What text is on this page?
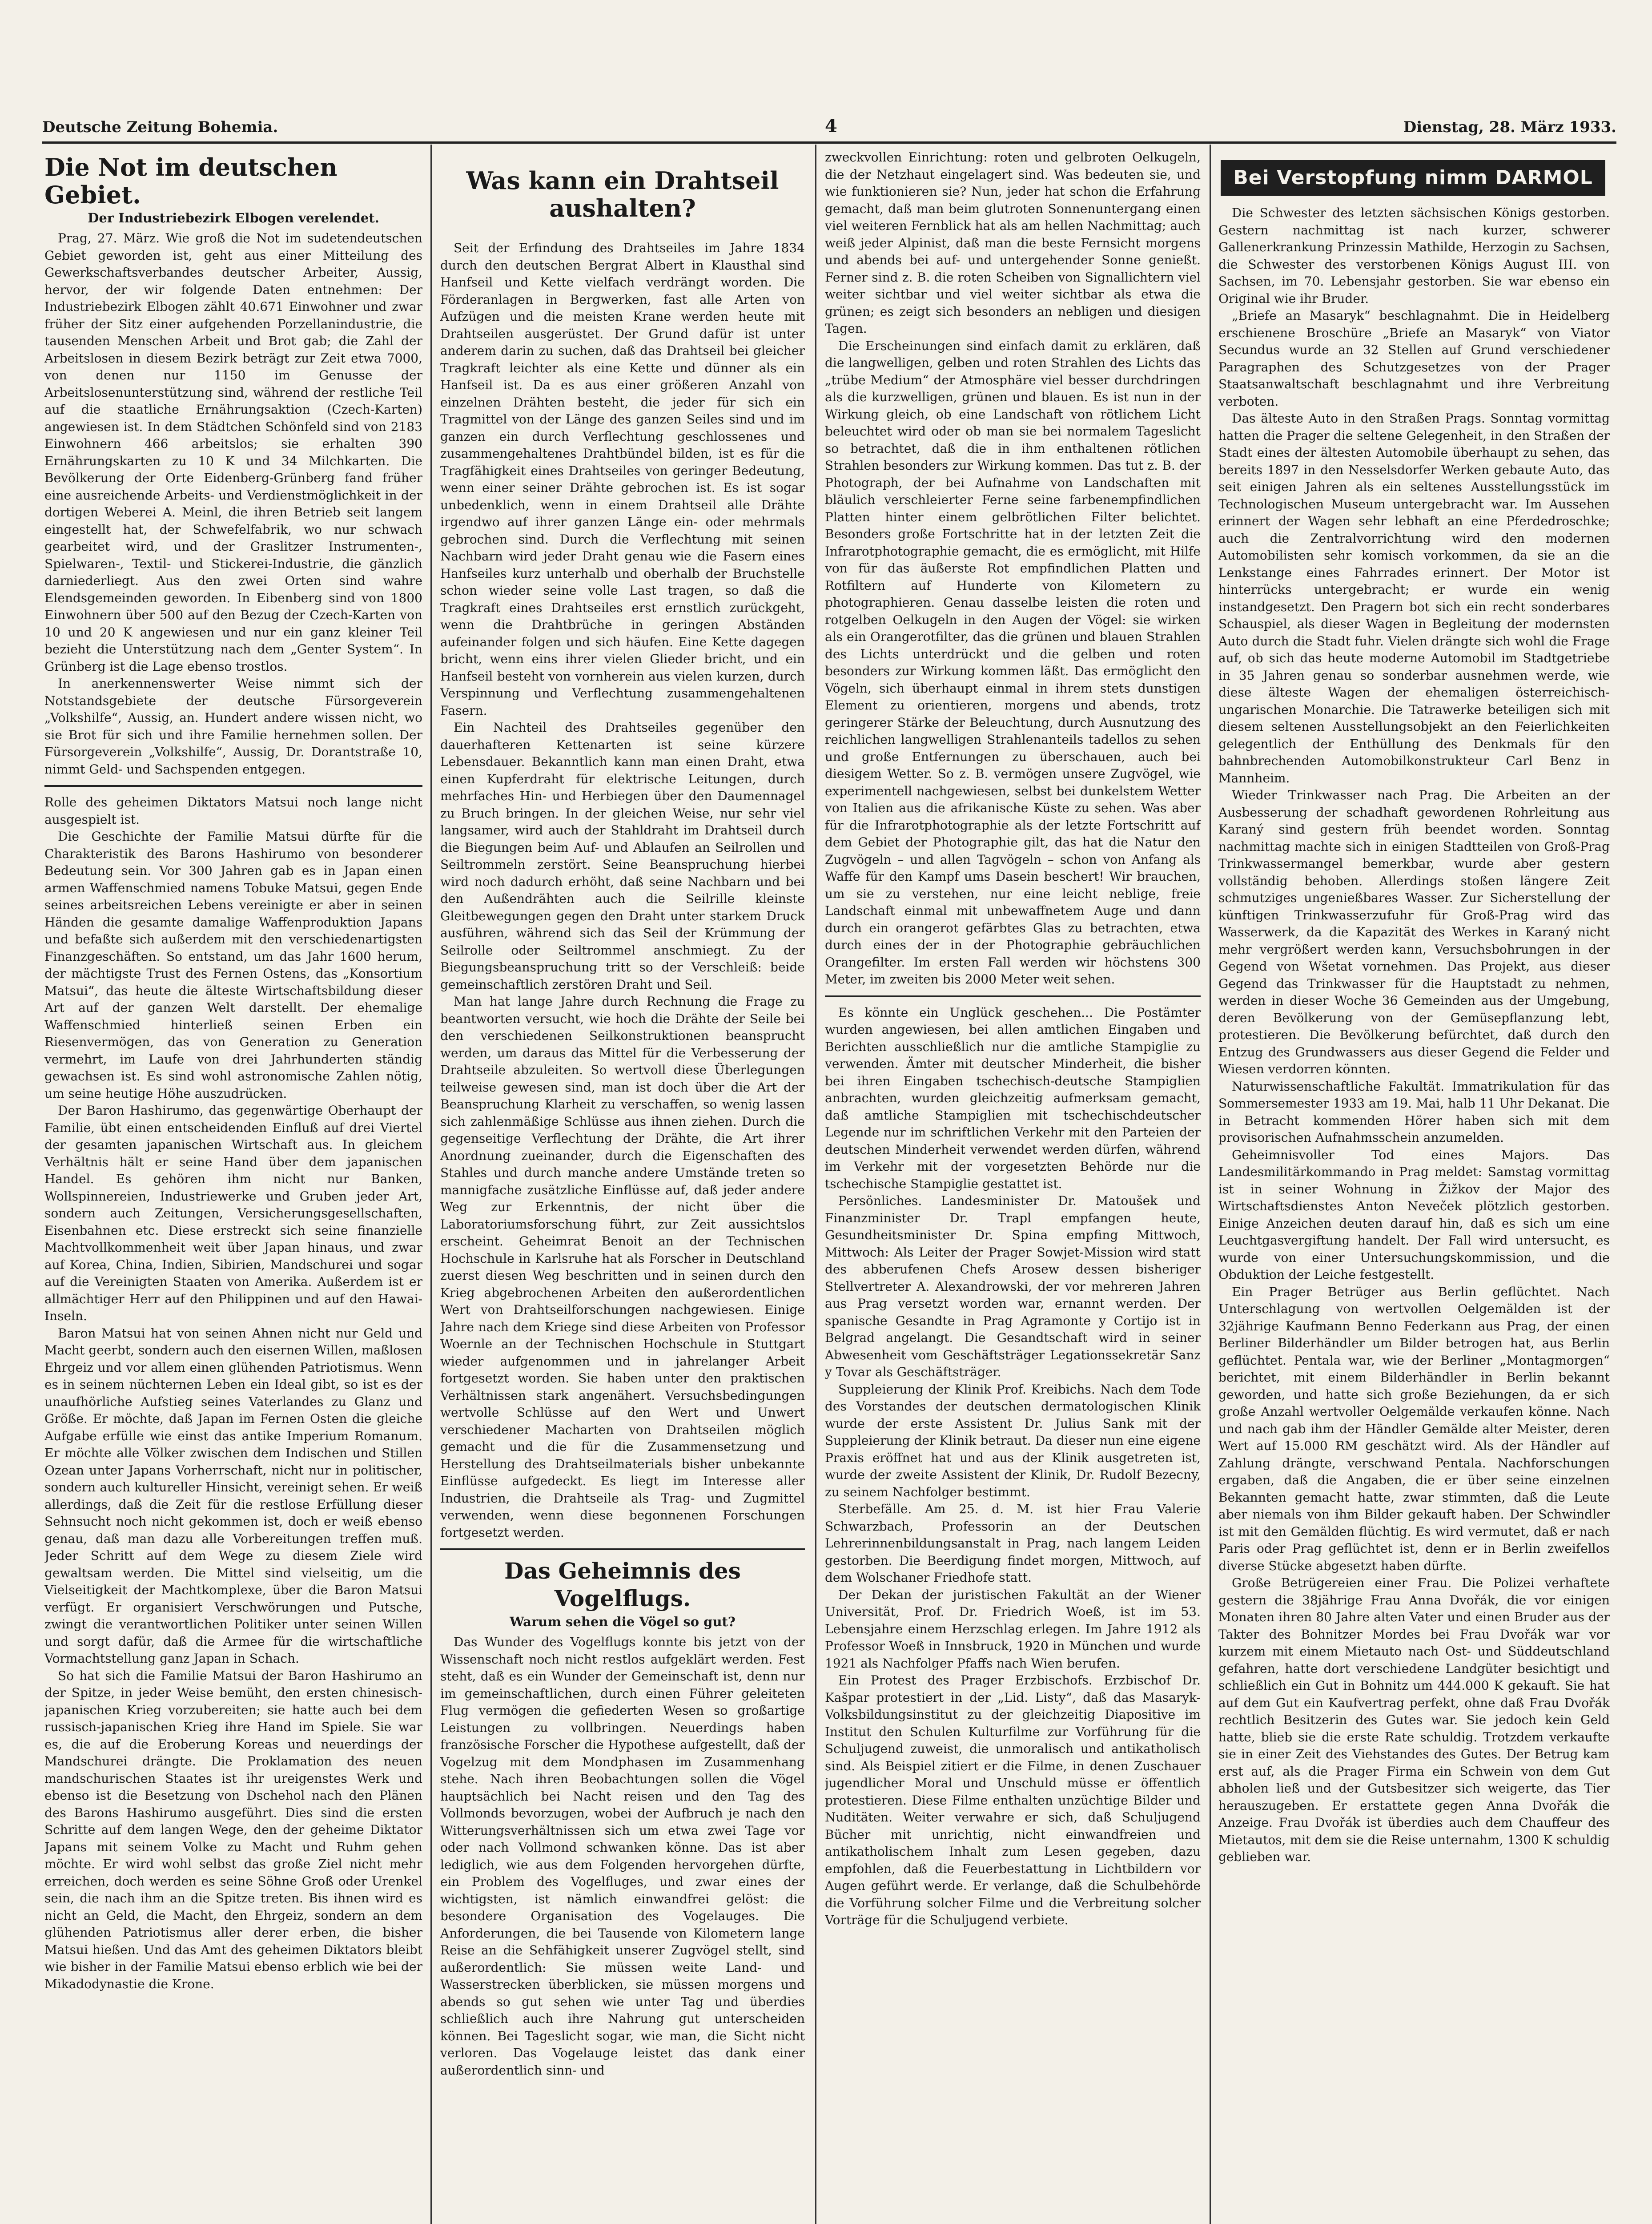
Deutsche Zeitung Bohemia.	4	Dienstag, 28. März 1933.
Die Not im deutschen Gebiet.
Der Industriebezirk Elbogen verelendet.

Prag, 27. März. Wie groß die Not im sudetendeutschen Gebiet geworden ist, geht aus einer Mitteilung des Gewerkschaftsverbandes deutscher Arbeiter, Aussig, hervor, der wir folgende Daten entnehmen: Der Industriebezirk Elbogen zählt 40.671 Einwohner und zwar früher der Sitz einer aufgehenden Porzellanindustrie, die tausenden Menschen Arbeit und Brot gab; die Zahl der Arbeitslosen in diesem Bezirk beträgt zur Zeit etwa 7000, von denen nur 1150 im Genusse der Arbeitslosenunterstützung sind, während der restliche Teil auf die staatliche Ernährungsaktion (Czech-Karten) angewiesen ist. In dem Städtchen Schönfeld sind von 2183 Einwohnern 466 arbeitslos; sie erhalten 390 Ernährungskarten zu 10 K und 34 Milchkarten. Die Bevölkerung der Orte Eidenberg-Grünberg fand früher eine ausreichende Arbeits- und Verdienstmöglichkeit in der dortigen Weberei A. Meinl, die ihren Betrieb seit langem eingestellt hat, der Schwefelfabrik, wo nur schwach gearbeitet wird, und der Graslitzer Instrumenten-, Spielwaren-, Textil- und Stickerei-Industrie, die gänzlich darniederliegt. Aus den zwei Orten sind wahre Elendsgemeinden geworden. In Eibenberg sind von 1800 Einwohnern über 500 auf den Bezug der Czech-Karten von 10 und 20 K angewiesen und nur ein ganz kleiner Teil bezieht die Unterstützung nach dem „Genter System“. In Grünberg ist die Lage ebenso trostlos.

In anerkennenswerter Weise nimmt sich der Notstandsgebiete der deutsche Fürsorgeverein „Volkshilfe“, Aussig, an. Hundert andere wissen nicht, wo sie Brot für sich und ihre Familie hernehmen sollen. Der Fürsorgeverein „Volkshilfe“, Aussig, Dr. Dorantstraße 10, nimmt Geld- und Sachspenden entgegen.

Rolle des geheimen Diktators Matsui noch lange nicht ausgespielt ist.

Die Geschichte der Familie Matsui dürfte für die Charakteristik des Barons Hashirumo von besonderer Bedeutung sein. Vor 300 Jahren gab es in Japan einen armen Waffenschmied namens Tobuke Matsui, gegen Ende seines arbeitsreichen Lebens vereinigte er aber in seinen Händen die gesamte damalige Waffenproduktion Japans und befaßte sich außerdem mit den verschiedenartigsten Finanzgeschäften. So entstand, um das Jahr 1600 herum, der mächtigste Trust des Fernen Ostens, das „Konsortium Matsui“, das heute die älteste Wirtschaftsbildung dieser Art auf der ganzen Welt darstellt. Der ehemalige Waffenschmied hinterließ seinen Erben ein Riesenvermögen, das von Generation zu Generation vermehrt, im Laufe von drei Jahrhunderten ständig gewachsen ist. Es sind wohl astronomische Zahlen nötig, um seine heutige Höhe auszudrücken.

Der Baron Hashirumo, das gegenwärtige Oberhaupt der Familie, übt einen entscheidenden Einfluß auf drei Viertel der gesamten japanischen Wirtschaft aus. In gleichem Verhältnis hält er seine Hand über dem japanischen Handel. Es gehören ihm nicht nur Banken, Wollspinnereien, Industriewerke und Gruben jeder Art, sondern auch Zeitungen, Versicherungsgesellschaften, Eisenbahnen etc. Diese erstreckt sich seine finanzielle Machtvollkommenheit weit über Japan hinaus, und zwar auf Korea, China, Indien, Sibirien, Mandschurei und sogar auf die Vereinigten Staaten von Amerika. Außerdem ist er allmächtiger Herr auf den Philippinen und auf den Hawai-Inseln.

Baron Matsui hat von seinen Ahnen nicht nur Geld und Macht geerbt, sondern auch den eisernen Willen, maßlosen Ehrgeiz und vor allem einen glühenden Patriotismus. Wenn es in seinem nüchternen Leben ein Ideal gibt, so ist es der unaufhörliche Aufstieg seines Vaterlandes zu Glanz und Größe. Er möchte, daß Japan im Fernen Osten die gleiche Aufgabe erfülle wie einst das antike Imperium Romanum. Er möchte alle Völker zwischen dem Indischen und Stillen Ozean unter Japans Vorherrschaft, nicht nur in politischer, sondern auch kultureller Hinsicht, vereinigt sehen. Er weiß allerdings, daß die Zeit für die restlose Erfüllung dieser Sehnsucht noch nicht gekommen ist, doch er weiß ebenso genau, daß man dazu alle Vorbereitungen treffen muß. Jeder Schritt auf dem Wege zu diesem Ziele wird gewaltsam werden. Die Mittel sind vielseitig, um die Vielseitigkeit der Machtkomplexe, über die Baron Matsui verfügt. Er organisiert Verschwörungen und Putsche, zwingt die verantwortlichen Politiker unter seinen Willen und sorgt dafür, daß die Armee für die wirtschaftliche Vormachtstellung ganz Japan in Schach.

So hat sich die Familie Matsui der Baron Hashirumo an der Spitze, in jeder Weise bemüht, den ersten chinesisch-japanischen Krieg vorzubereiten; sie hatte auch bei dem russisch-japanischen Krieg ihre Hand im Spiele. Sie war es, die auf die Eroberung Koreas und neuerdings der Mandschurei drängte. Die Proklamation des neuen mandschurischen Staates ist ihr ureigenstes Werk und ebenso ist die Besetzung von Dschehol nach den Plänen des Barons Hashirumo ausgeführt. Dies sind die ersten Schritte auf dem langen Wege, den der geheime Diktator Japans mit seinem Volke zu Macht und Ruhm gehen möchte. Er wird wohl selbst das große Ziel nicht mehr erreichen, doch werden es seine Söhne Groß oder Urenkel sein, die nach ihm an die Spitze treten. Bis ihnen wird es nicht an Geld, die Macht, den Ehrgeiz, sondern an dem glühenden Patriotismus aller derer erben, die bisher Matsui hießen. Und das Amt des geheimen Diktators bleibt wie bisher in der Familie Matsui ebenso erblich wie bei der Mikadodynastie die Krone.

Was kann ein Drahtseil aushalten?

Seit der Erfindung des Drahtseiles im Jahre 1834 durch den deutschen Bergrat Albert in Klausthal sind Hanfseil und Kette vielfach verdrängt worden. Die Förderanlagen in Bergwerken, fast alle Arten von Aufzügen und die meisten Krane werden heute mit Drahtseilen ausgerüstet. Der Grund dafür ist unter anderem darin zu suchen, daß das Drahtseil bei gleicher Tragkraft leichter als eine Kette und dünner als ein Hanfseil ist. Da es aus einer größeren Anzahl von einzelnen Drähten besteht, die jeder für sich ein Tragmittel von der Länge des ganzen Seiles sind und im ganzen ein durch Verflechtung geschlossenes und zusammengehaltenes Drahtbündel bilden, ist es für die Tragfähigkeit eines Drahtseiles von geringer Bedeutung, wenn einer seiner Drähte gebrochen ist. Es ist sogar unbedenklich, wenn in einem Drahtseil alle Drähte irgendwo auf ihrer ganzen Länge ein- oder mehrmals gebrochen sind. Durch die Verflechtung mit seinen Nachbarn wird jeder Draht genau wie die Fasern eines Hanfseiles kurz unterhalb und oberhalb der Bruchstelle schon wieder seine volle Last tragen, so daß die Tragkraft eines Drahtseiles erst ernstlich zurückgeht, wenn die Drahtbrüche in geringen Abständen aufeinander folgen und sich häufen. Eine Kette dagegen bricht, wenn eins ihrer vielen Glieder bricht, und ein Hanfseil besteht von vornherein aus vielen kurzen, durch Verspinnung und Verflechtung zusammengehaltenen Fasern.

Ein Nachteil des Drahtseiles gegenüber den dauerhafteren Kettenarten ist seine kürzere Lebensdauer. Bekanntlich kann man einen Draht, etwa einen Kupferdraht für elektrische Leitungen, durch mehrfaches Hin- und Herbiegen über den Daumennagel zu Bruch bringen. In der gleichen Weise, nur sehr viel langsamer, wird auch der Stahldraht im Drahtseil durch die Biegungen beim Auf- und Ablaufen an Seilrollen und Seiltrommeln zerstört. Seine Beanspruchung hierbei wird noch dadurch erhöht, daß seine Nachbarn und bei den Außendrähten auch die Seilrille kleinste Gleitbewegungen gegen den Draht unter starkem Druck ausführen, während sich das Seil der Krümmung der Seilrolle oder Seiltrommel anschmiegt. Zu der Biegungsbeanspruchung tritt so der Verschleiß: beide gemeinschaftlich zerstören Draht und Seil.

Man hat lange Jahre durch Rechnung die Frage zu beantworten versucht, wie hoch die Drähte der Seile bei den verschiedenen Seilkonstruktionen beansprucht werden, um daraus das Mittel für die Verbesserung der Drahtseile abzuleiten. So wertvoll diese Überlegungen teilweise gewesen sind, man ist doch über die Art der Beanspruchung Klarheit zu verschaffen, so wenig lassen sich zahlenmäßige Schlüsse aus ihnen ziehen. Durch die gegenseitige Verflechtung der Drähte, die Art ihrer Anordnung zueinander, durch die Eigenschaften des Stahles und durch manche andere Umstände treten so mannigfache zusätzliche Einflüsse auf, daß jeder andere Weg zur Erkenntnis, der nicht über die Laboratoriumsforschung führt, zur Zeit aussichtslos erscheint. Geheimrat Benoit an der Technischen Hochschule in Karlsruhe hat als Forscher in Deutschland zuerst diesen Weg beschritten und in seinen durch den Krieg abgebrochenen Arbeiten den außerordentlichen Wert von Drahtseilforschungen nachgewiesen. Einige Jahre nach dem Kriege sind diese Arbeiten von Professor Woernle an der Technischen Hochschule in Stuttgart wieder aufgenommen und in jahrelanger Arbeit fortgesetzt worden. Sie haben unter den praktischen Verhältnissen stark angenähert. Versuchsbedingungen wertvolle Schlüsse auf den Wert und Unwert verschiedener Macharten von Drahtseilen möglich gemacht und die für die Zusammensetzung und Herstellung des Drahtseilmaterials bisher unbekannte Einflüsse aufgedeckt. Es liegt im Interesse aller Industrien, die Drahtseile als Trag- und Zugmittel verwenden, wenn diese begonnenen Forschungen fortgesetzt werden.

Das Geheimnis des Vogelflugs.
Warum sehen die Vögel so gut?

Das Wunder des Vogelflugs konnte bis jetzt von der Wissenschaft noch nicht restlos aufgeklärt werden. Fest steht, daß es ein Wunder der Gemeinschaft ist, denn nur im gemeinschaftlichen, durch einen Führer geleiteten Flug vermögen die gefiederten Wesen so großartige Leistungen zu vollbringen. Neuerdings haben französische Forscher die Hypothese aufgestellt, daß der Vogelzug mit dem Mondphasen im Zusammenhang stehe. Nach ihren Beobachtungen sollen die Vögel hauptsächlich bei Nacht reisen und den Tag des Vollmonds bevorzugen, wobei der Aufbruch je nach den Witterungsverhältnissen sich um etwa zwei Tage vor oder nach Vollmond schwanken könne. Das ist aber lediglich, wie aus dem Folgenden hervorgehen dürfte, ein Problem des Vogelfluges, und zwar eines der wichtigsten, ist nämlich einwandfrei gelöst: die besondere Organisation des Vogelauges. Die Anforderungen, die bei Tausende von Kilometern lange Reise an die Sehfähigkeit unserer Zugvögel stellt, sind außerordentlich: Sie müssen weite Land- und Wasserstrecken überblicken, sie müssen morgens und abends so gut sehen wie unter Tag und überdies schließlich auch ihre Nahrung gut unterscheiden können. Bei Tageslicht sogar, wie man, die Sicht nicht verloren. Das Vogelauge leistet das dank einer außerordentlich sinn- und

zweckvollen Einrichtung: roten und gelbroten Oelkugeln, die der Netzhaut eingelagert sind. Was bedeuten sie, und wie funktionieren sie? Nun, jeder hat schon die Erfahrung gemacht, daß man beim glutroten Sonnenuntergang einen viel weiteren Fernblick hat als am hellen Nachmittag; auch weiß jeder Alpinist, daß man die beste Fernsicht morgens und abends bei auf- und untergehender Sonne genießt. Ferner sind z. B. die roten Scheiben von Signallichtern viel weiter sichtbar und viel weiter sichtbar als etwa die grünen; es zeigt sich besonders an nebligen und diesigen Tagen.

Die Erscheinungen sind einfach damit zu erklären, daß die langwelligen, gelben und roten Strahlen des Lichts das „trübe Medium“ der Atmosphäre viel besser durchdringen als die kurzwelligen, grünen und blauen. Es ist nun in der Wirkung gleich, ob eine Landschaft von rötlichem Licht beleuchtet wird oder ob man sie bei normalem Tageslicht so betrachtet, daß die in ihm enthaltenen rötlichen Strahlen besonders zur Wirkung kommen. Das tut z. B. der Photograph, der bei Aufnahme von Landschaften mit bläulich verschleierter Ferne seine farbenempfindlichen Platten hinter einem gelbrötlichen Filter belichtet. Besonders große Fortschritte hat in der letzten Zeit die Infrarotphotographie gemacht, die es ermöglicht, mit Hilfe von für das äußerste Rot empfindlichen Platten und Rotfiltern auf Hunderte von Kilometern zu photographieren. Genau dasselbe leisten die roten und rotgelben Oelkugeln in den Augen der Vögel: sie wirken als ein Orangerotfilter, das die grünen und blauen Strahlen des Lichts unterdrückt und die gelben und roten besonders zur Wirkung kommen läßt. Das ermöglicht den Vögeln, sich überhaupt einmal in ihrem stets dunstigen Element zu orientieren, morgens und abends, trotz geringerer Stärke der Beleuchtung, durch Ausnutzung des reichlichen langwelligen Strahlenanteils tadellos zu sehen und große Entfernungen zu überschauen, auch bei diesigem Wetter. So z. B. vermögen unsere Zugvögel, wie experimentell nachgewiesen, selbst bei dunkelstem Wetter von Italien aus die afrikanische Küste zu sehen. Was aber für die Infrarotphotographie als der letzte Fortschritt auf dem Gebiet der Photographie gilt, das hat die Natur den Zugvögeln – und allen Tagvögeln – schon von Anfang als Waffe für den Kampf ums Dasein beschert! Wir brauchen, um sie zu verstehen, nur eine leicht neblige, freie Landschaft einmal mit unbewaffnetem Auge und dann durch ein orangerot gefärbtes Glas zu betrachten, etwa durch eines der in der Photographie gebräuchlichen Orangefilter. Im ersten Fall werden wir höchstens 300 Meter, im zweiten bis 2000 Meter weit sehen.

Es könnte ein Unglück geschehen... Die Postämter wurden angewiesen, bei allen amtlichen Eingaben und Berichten ausschließlich nur die amtliche Stampiglie zu verwenden. Ämter mit deutscher Minderheit, die bisher bei ihren Eingaben tschechisch-deutsche Stampiglien anbrachten, wurden gleichzeitig aufmerksam gemacht, daß amtliche Stampiglien mit tschechischdeutscher Legende nur im schriftlichen Verkehr mit den Parteien der deutschen Minderheit verwendet werden dürfen, während im Verkehr mit der vorgesetzten Behörde nur die tschechische Stampiglie gestattet ist.

Persönliches. Landesminister Dr. Matoušek und Finanzminister Dr. Trapl empfangen heute, Gesundheitsminister Dr. Spina empfing Mittwoch, Mittwoch: Als Leiter der Prager Sowjet-Mission wird statt des abberufenen Chefs Arosew dessen bisheriger Stellvertreter A. Alexandrowski, der vor mehreren Jahren aus Prag versetzt worden war, ernannt werden. Der spanische Gesandte in Prag Agramonte y Cortijo ist in Belgrad angelangt. Die Gesandtschaft wird in seiner Abwesenheit vom Geschäftsträger Legationssekretär Sanz y Tovar als Geschäftsträger.

Suppleierung der Klinik Prof. Kreibichs. Nach dem Tode des Vorstandes der deutschen dermatologischen Klinik wurde der erste Assistent Dr. Julius Sank mit der Suppleierung der Klinik betraut. Da dieser nun eine eigene Praxis eröffnet hat und aus der Klinik ausgetreten ist, wurde der zweite Assistent der Klinik, Dr. Rudolf Bezecny, zu seinem Nachfolger bestimmt.

Sterbefälle. Am 25. d. M. ist hier Frau Valerie Schwarzbach, Professorin an der Deutschen Lehrerinnenbildungsanstalt in Prag, nach langem Leiden gestorben. Die Beerdigung findet morgen, Mittwoch, auf dem Wolschaner Friedhofe statt.

Der Dekan der juristischen Fakultät an der Wiener Universität, Prof. Dr. Friedrich Woeß, ist im 53. Lebensjahre einem Herzschlag erlegen. Im Jahre 1912 als Professor Woeß in Innsbruck, 1920 in München und wurde 1921 als Nachfolger Pfaffs nach Wien berufen.

Ein Protest des Prager Erzbischofs. Erzbischof Dr. Kašpar protestiert in der „Lid. Listy“, daß das Masaryk-Volksbildungsinstitut zu der gleichzeitig Diapositive im Institut den Schulen Kulturfilme zur Vorführung für die Schuljugend zuweist, die unmoralisch und antikatholisch sind. Als Beispiel zitiert er die Filme, in denen Zuschauer jugendlicher Moral und Unschuld müsse er öffentlich protestieren. Diese Filme enthalten unzüchtige Bilder und Nuditäten. Weiter verwahre er sich, daß Schuljugend Bücher mit unrichtig, nicht einwandfreien und antikatholischem Inhalt zum Lesen gegeben, dazu empfohlen, daß die Feuerbestattung in Lichtbildern vor Augen geführt werde. Er verlange, daß die Schulbehörde die Vorführung solcher Filme und die Verbreitung solcher Vorträge für die Schuljugend verbiete.

Bei Verstopfung nimm DARMOL

Die Schwester des letzten sächsischen Königs gestorben. Gestern nachmittag ist nach kurzer, schwerer Gallenerkrankung Prinzessin Mathilde, Herzogin zu Sachsen, die Schwester des verstorbenen Königs August III. von Sachsen, im 70. Lebensjahr gestorben. Sie war ebenso ein Original wie ihr Bruder.

„Briefe an Masaryk“ beschlagnahmt. Die in Heidelberg erschienene Broschüre „Briefe an Masaryk“ von Viator Secundus wurde an 32 Stellen auf Grund verschiedener Paragraphen des Schutzgesetzes von der Prager Staatsanwaltschaft beschlagnahmt und ihre Verbreitung verboten.

Das älteste Auto in den Straßen Prags. Sonntag vormittag hatten die Prager die seltene Gelegenheit, in den Straßen der Stadt eines der ältesten Automobile überhaupt zu sehen, das bereits 1897 in den Nesselsdorfer Werken gebaute Auto, das seit einigen Jahren als ein seltenes Ausstellungsstück im Technologischen Museum untergebracht war. Im Aussehen erinnert der Wagen sehr lebhaft an eine Pferdedroschke; auch die Zentralvorrichtung wird den modernen Automobilisten sehr komisch vorkommen, da sie an die Lenkstange eines Fahrrades erinnert. Der Motor ist hinterrücks untergebracht; er wurde ein wenig instandgesetzt. Den Pragern bot sich ein recht sonderbares Schauspiel, als dieser Wagen in Begleitung der modernsten Auto durch die Stadt fuhr. Vielen drängte sich wohl die Frage auf, ob sich das heute moderne Automobil im Stadtgetriebe in 35 Jahren genau so sonderbar ausnehmen werde, wie diese älteste Wagen der ehemaligen österreichisch-ungarischen Monarchie. Die Tatrawerke beteiligen sich mit diesem seltenen Ausstellungsobjekt an den Feierlichkeiten gelegentlich der Enthüllung des Denkmals für den bahnbrechenden Automobilkonstrukteur Carl Benz in Mannheim.

Wieder Trinkwasser nach Prag. Die Arbeiten an der Ausbesserung der schadhaft gewordenen Rohrleitung aus Karaný sind gestern früh beendet worden. Sonntag nachmittag machte sich in einigen Stadtteilen von Groß-Prag Trinkwassermangel bemerkbar, wurde aber gestern vollständig behoben. Allerdings stoßen längere Zeit schmutziges ungenießbares Wasser. Zur Sicherstellung der künftigen Trinkwasserzufuhr für Groß-Prag wird das Wasserwerk, da die Kapazität des Werkes in Karaný nicht mehr vergrößert werden kann, Versuchsbohrungen in der Gegend von Wšetat vornehmen. Das Projekt, aus dieser Gegend das Trinkwasser für die Hauptstadt zu nehmen, werden in dieser Woche 36 Gemeinden aus der Umgebung, deren Bevölkerung von der Gemüsepflanzung lebt, protestieren. Die Bevölkerung befürchtet, daß durch den Entzug des Grundwassers aus dieser Gegend die Felder und Wiesen verdorren könnten.

Naturwissenschaftliche Fakultät. Immatrikulation für das Sommersemester 1933 am 19. Mai, halb 11 Uhr Dekanat. Die in Betracht kommenden Hörer haben sich mit dem provisorischen Aufnahmsschein anzumelden.

Geheimnisvoller Tod eines Majors. Das Landesmilitärkommando in Prag meldet: Samstag vormittag ist in seiner Wohnung in Žižkov der Major des Wirtschaftsdienstes Anton Neveček plötzlich gestorben. Einige Anzeichen deuten darauf hin, daß es sich um eine Leuchtgasvergiftung handelt. Der Fall wird untersucht, es wurde von einer Untersuchungskommission, und die Obduktion der Leiche festgestellt.

Ein Prager Betrüger aus Berlin geflüchtet. Nach Unterschlagung von wertvollen Oelgemälden ist der 32jährige Kaufmann Benno Federkann aus Prag, der einen Berliner Bilderhändler um Bilder betrogen hat, aus Berlin geflüchtet. Pentala war, wie der Berliner „Montagmorgen“ berichtet, mit einem Bilderhändler in Berlin bekannt geworden, und hatte sich große Beziehungen, da er sich große Anzahl wertvoller Oelgemälde verkaufen könne. Nach und nach gab ihm der Händler Gemälde alter Meister, deren Wert auf 15.000 RM geschätzt wird. Als der Händler auf Zahlung drängte, verschwand Pentala. Nachforschungen ergaben, daß die Angaben, die er über seine einzelnen Bekannten gemacht hatte, zwar stimmten, daß die Leute aber niemals von ihm Bilder gekauft haben. Der Schwindler ist mit den Gemälden flüchtig. Es wird vermutet, daß er nach Paris oder Prag geflüchtet ist, denn er in Berlin zweifellos diverse Stücke abgesetzt haben dürfte.

Große Betrügereien einer Frau. Die Polizei verhaftete gestern die 38jährige Frau Anna Dvořák, die vor einigen Monaten ihren 80 Jahre alten Vater und einen Bruder aus der Takter des Bohnitzer Mordes bei Frau Dvořák war vor kurzem mit einem Mietauto nach Ost- und Süddeutschland gefahren, hatte dort verschiedene Landgüter besichtigt und schließlich ein Gut in Bohnitz um 444.000 K gekauft. Sie hat auf dem Gut ein Kaufvertrag perfekt, ohne daß Frau Dvořák rechtlich Besitzerin des Gutes war. Sie jedoch kein Geld hatte, blieb sie die erste Rate schuldig. Trotzdem verkaufte sie in einer Zeit des Viehstandes des Gutes. Der Betrug kam erst auf, als die Prager Firma ein Schwein von dem Gut abholen ließ und der Gutsbesitzer sich weigerte, das Tier herauszugeben. Er erstattete gegen Anna Dvořák die Anzeige. Frau Dvořák ist überdies auch dem Chauffeur des Mietautos, mit dem sie die Reise unternahm, 1300 K schuldig geblieben war.
